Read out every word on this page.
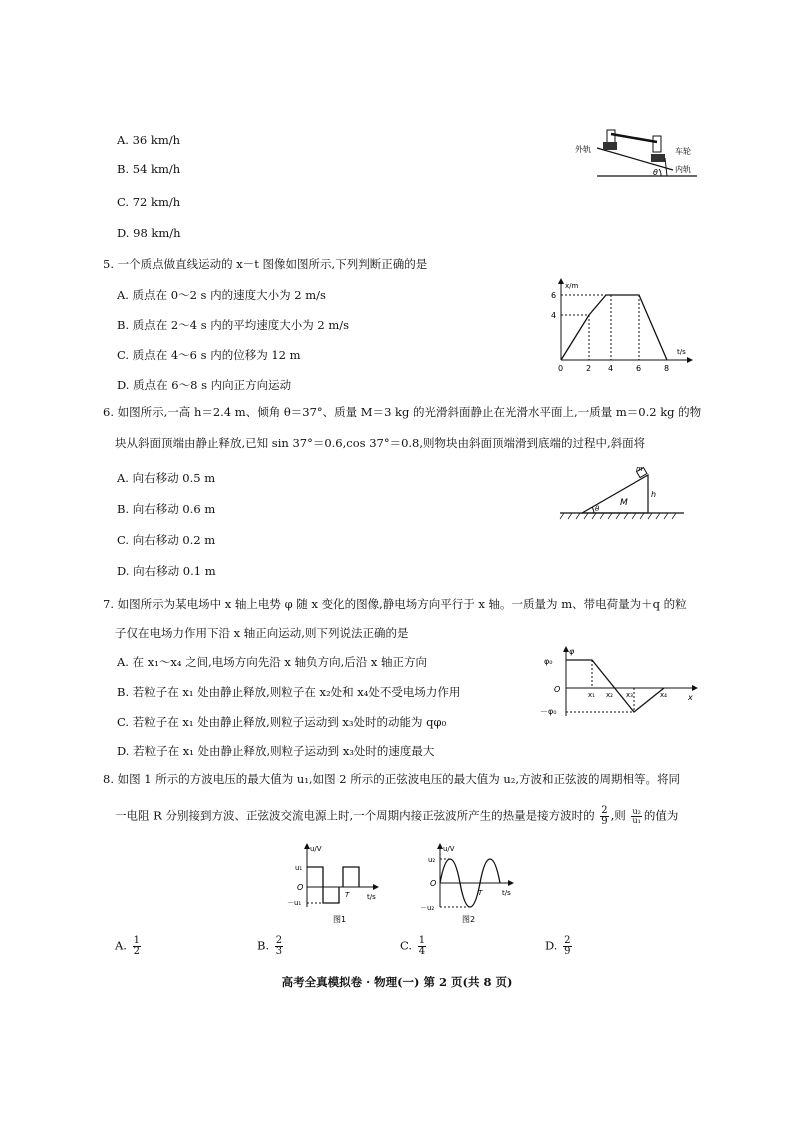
A. 36 km/h
B. 54 km/h
C. 72 km/h
D. 98 km/h
外轨	车轮
内轨
θ
5. 一个质点做直线运动的 x－t 图像如图所示,下列判断正确的是
A. 质点在 0～2 s 内的速度大小为 2 m/s
B. 质点在 2～4 s 内的平均速度大小为 2 m/s
C. 质点在 4～6 s 内的位移为 12 m
D. 质点在 6～8 s 内向正方向运动
x/m
t/s
4
6
0	2 4	6	8
6. 如图所示,一高 h＝2.4 m、倾角 θ＝37°、质量 M＝3 kg 的光滑斜面静止在光滑水平面上,一质量 m＝0.2 kg 的物
块从斜面顶端由静止释放,已知 sin 37°＝0.6,cos 37°＝0.8,则物块由斜面顶端滑到底端的过程中,斜面将
A. 向右移动 0.5 m
B. 向右移动 0.6 m
C. 向右移动 0.2 m
D. 向右移动 0.1 m
θ
M
h
m
7. 如图所示为某电场中 x 轴上电势 φ 随 x 变化的图像,静电场方向平行于 x 轴。一质量为 m、带电荷量为＋q 的粒
子仅在电场力作用下沿 x 轴正向运动,则下列说法正确的是
A. 在 x₁～x₄ 之间,电场方向先沿 x 轴负方向,后沿 x 轴正方向
B. 若粒子在 x₁ 处由静止释放,则粒子在 x₂处和 x₄处不受电场力作用
C. 若粒子在 x₁ 处由静止释放,则粒子运动到 x₃处时的动能为 qφ₀
D. 若粒子在 x₁ 处由静止释放,则粒子运动到 x₃处时的速度最大
φ
φ₀
－φ₀
O
x
x₁ x₂ x₃	x₄
8. 如图 1 所示的方波电压的最大值为 u₁,如图 2 所示的正弦波电压的最大值为 u₂,方波和正弦波的周期相等。将同
一电阻 R 分别接到方波、正弦波交流电源上时,一个周期内接正弦波所产生的热量是接方波时的 $\frac{2}{9}$ ,则 $\frac{\text{u₂}}{\text{u₁}}$ 的值为
u/V
t/s
u₁
－u₁
O
T
图1
u/V
t/s
u₂
－u₂
O
T
图2
A. $\frac{1}{2}$	B. $\frac{2}{3}$	C. $\frac{1}{4}$	D. $\frac{2}{9}$
高考全真模拟卷 · 物理(一) 第 2 页(共 8 页)
